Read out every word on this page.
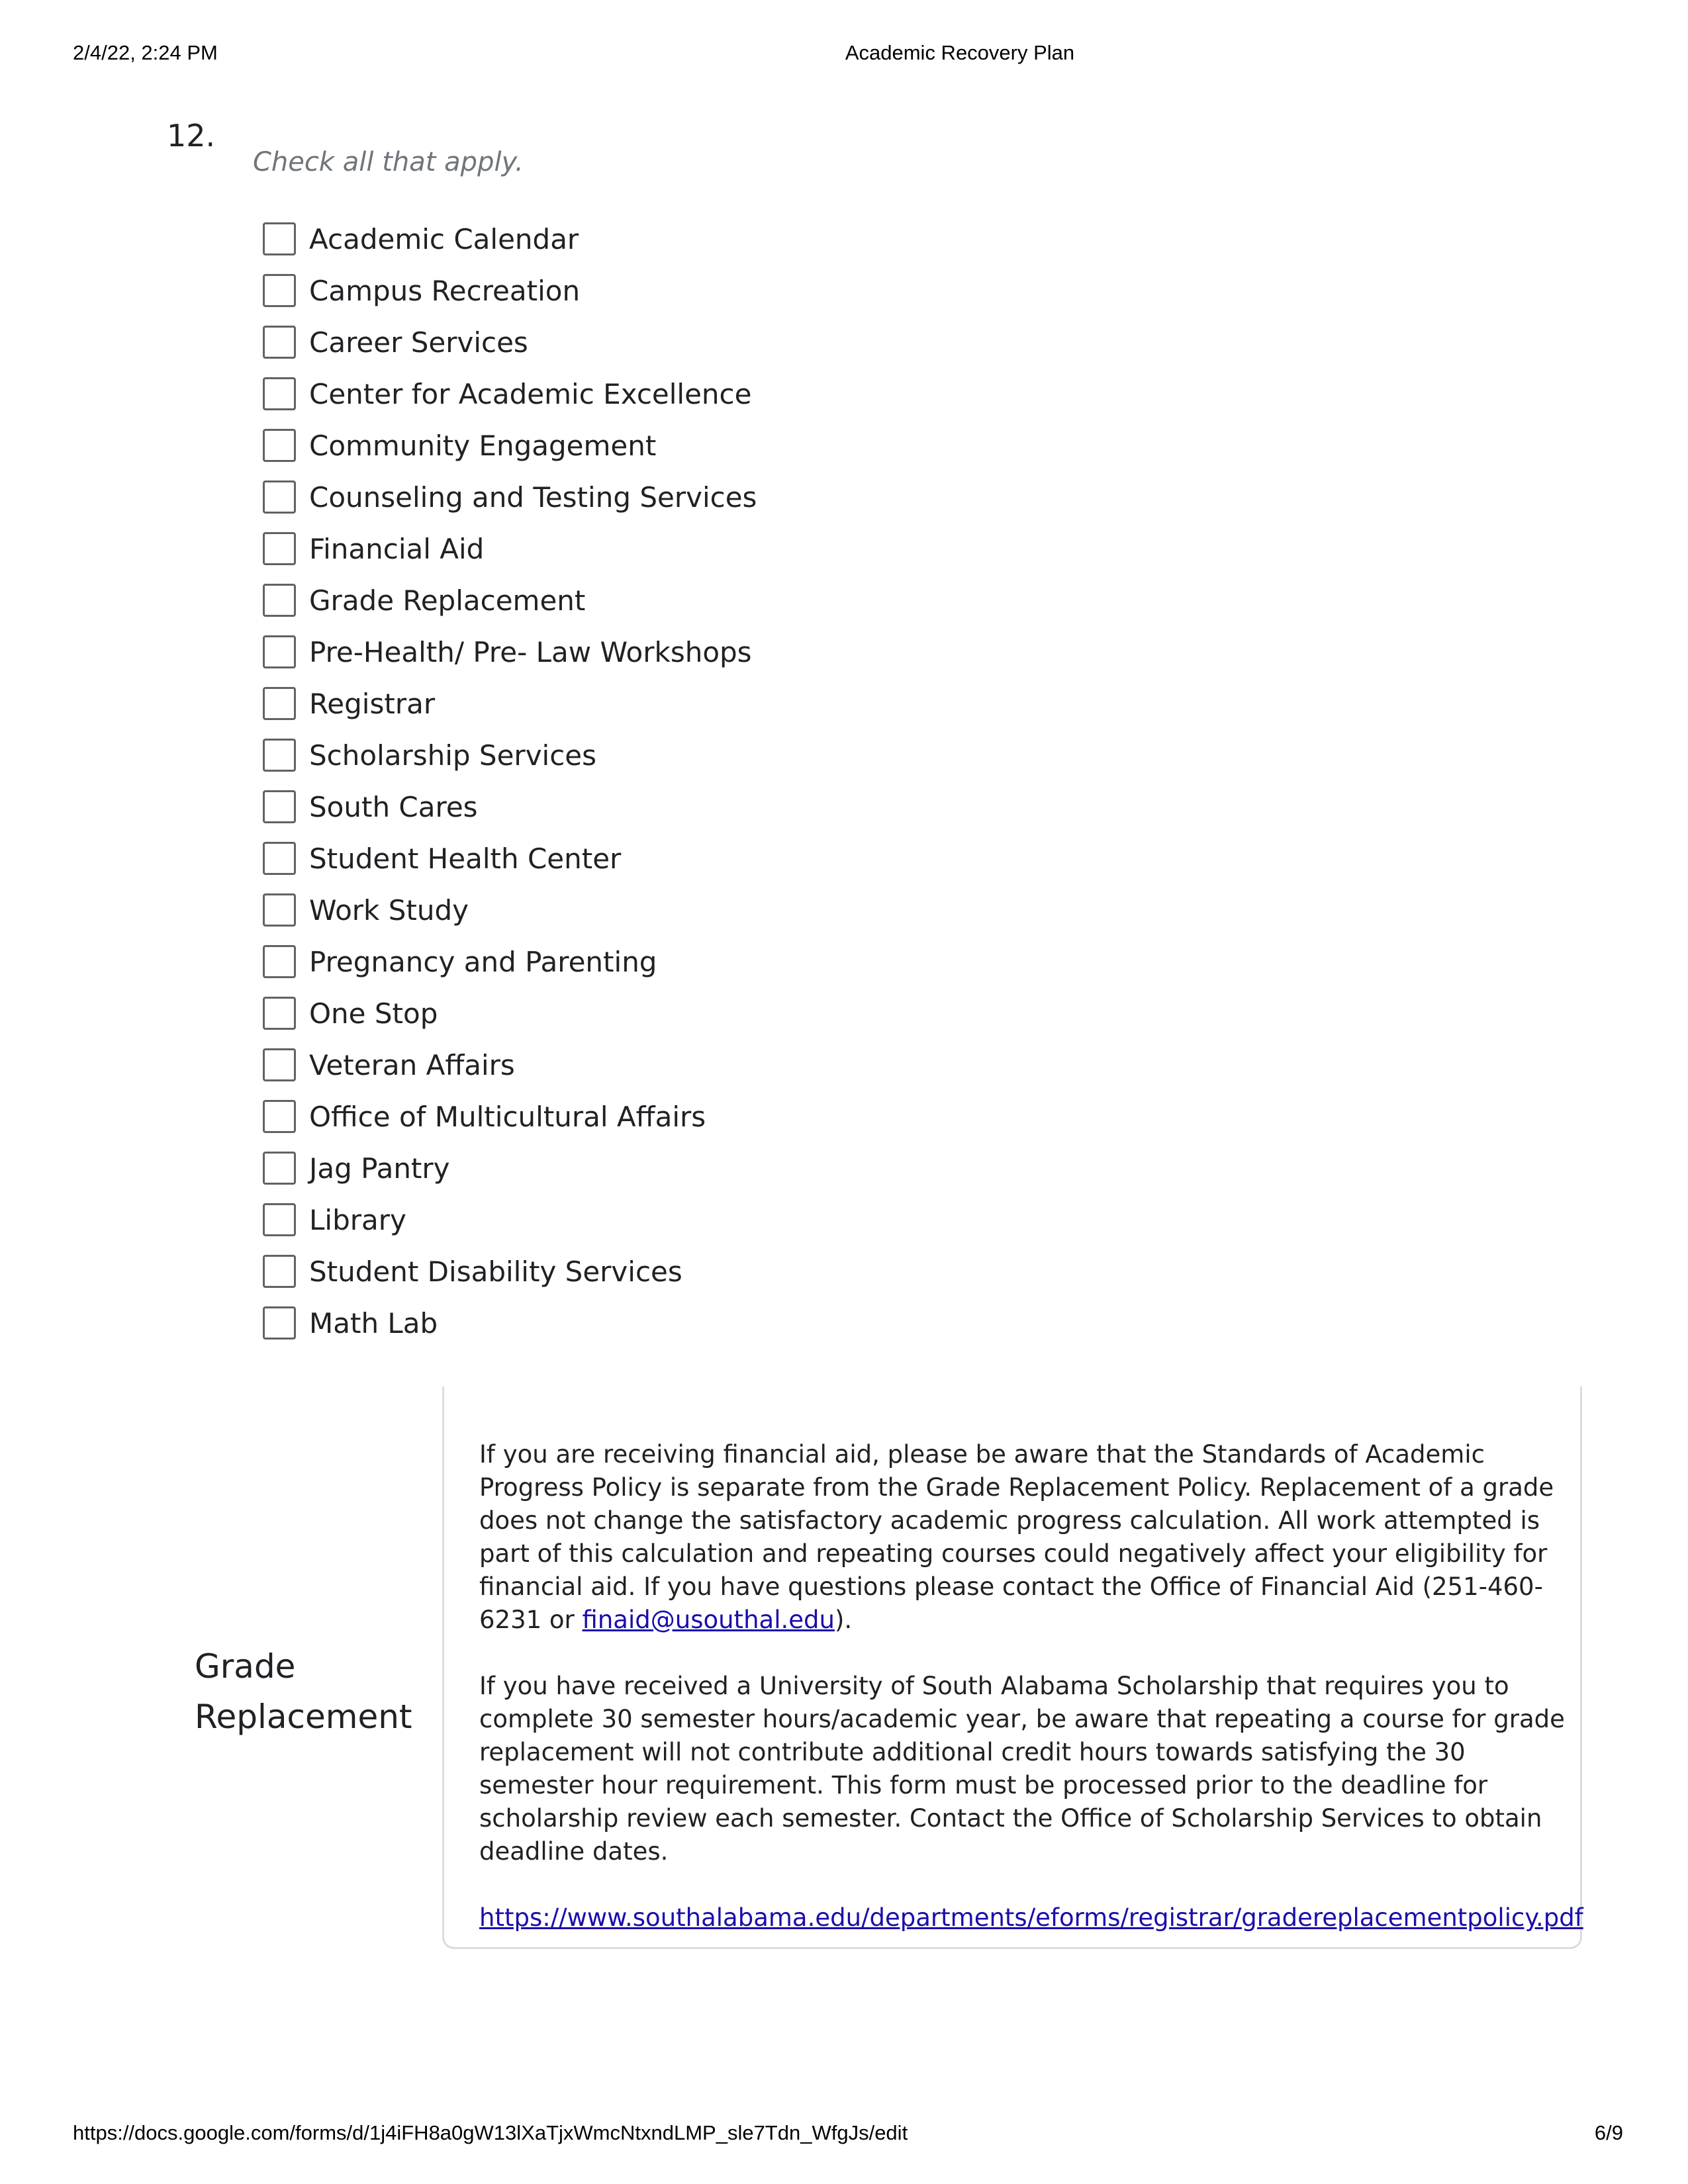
2/4/22, 2:24 PM	Academic Recovery Plan
12.
Check all that apply.
Academic Calendar
Campus Recreation
Career Services
Center for Academic Excellence
Community Engagement
Counseling and Testing Services
Financial Aid
Grade Replacement
Pre-Health/ Pre- Law Workshops
Registrar
Scholarship Services
South Cares
Student Health Center
Work Study
Pregnancy and Parenting
One Stop
Veteran Affairs
Office of Multicultural Affairs
Jag Pantry
Library
Student Disability Services
Math Lab
Grade Replacement

If you are receiving financial aid, please be aware that the Standards of Academic Progress Policy is separate from the Grade Replacement Policy. Replacement of a grade does not change the satisfactory academic progress calculation. All work attempted is part of this calculation and repeating courses could negatively affect your eligibility for financial aid. If you have questions please contact the Office of Financial Aid (251-460-6231 or finaid@usouthal.edu).

If you have received a University of South Alabama Scholarship that requires you to complete 30 semester hours/academic year, be aware that repeating a course for grade replacement will not contribute additional credit hours towards satisfying the 30 semester hour requirement. This form must be processed prior to the deadline for scholarship review each semester. Contact the Office of Scholarship Services to obtain deadline dates.

https://www.southalabama.edu/departments/eforms/registrar/gradereplacementpolicy.pdf

https://docs.google.com/forms/d/1j4iFH8a0gW13lXaTjxWmcNtxndLMP_sle7Tdn_WfgJs/edit	6/9
